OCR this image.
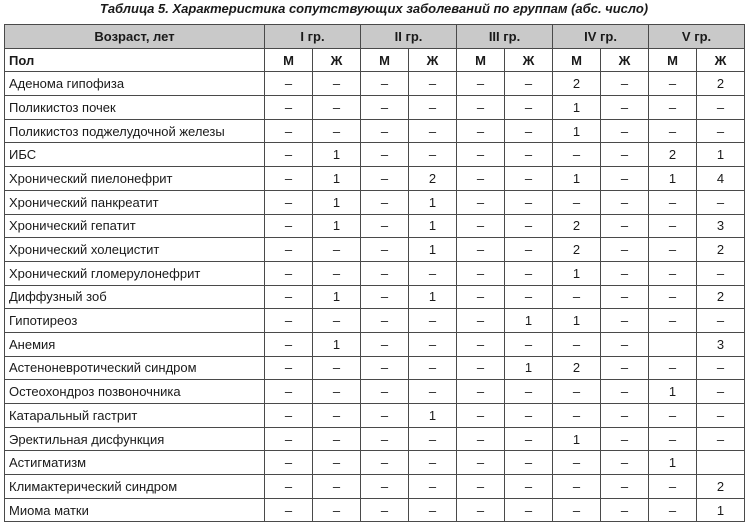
Таблица 5. Характеристика сопутствующих заболеваний по группам (абс. число)
Возраст, лет	I гр.		II гр.		III гр.		IV гр.		V гр.	
Пол	М	Ж	М	Ж	М	Ж	М	Ж	М	Ж
Аденома гипофиза	–	–	–	–	–	–	2	–	–	2
Поликистоз почек	–	–	–	–	–	–	1	–	–	–
Поликистоз поджелудочной железы	–	–	–	–	–	–	1	–	–	–
ИБС	–	1	–	–	–	–	–	–	2	1
Хронический пиелонефрит	–	1	–	2	–	–	1	–	1	4
Хронический панкреатит	–	1	–	1	–	–	–	–	–	–
Хронический гепатит	–	1	–	1	–	–	2	–	–	3
Хронический холецистит	–	–	–	1	–	–	2	–	–	2
Хронический гломерулонефрит	–	–	–	–	–	–	1	–	–	–
Диффузный зоб	–	1	–	1	–	–	–	–	–	2
Гипотиреоз	–	–	–	–	–	1	1	–	–	–
Анемия	–	1	–	–	–	–	–	–		3
Астеноневротический синдром	–	–	–	–	–	1	2	–	–	–
Остеохондроз позвоночника	–	–	–	–	–	–	–	–	1	–
Катаральный гастрит	–	–	–	1	–	–	–	–	–	–
Эректильная дисфункция	–	–	–	–	–	–	1	–	–	–
Астигматизм	–	–	–	–	–	–	–	–	1	
Климактерический синдром	–	–	–	–	–	–	–	–	–	2
Миома матки	–	–	–	–	–	–	–	–	–	1
